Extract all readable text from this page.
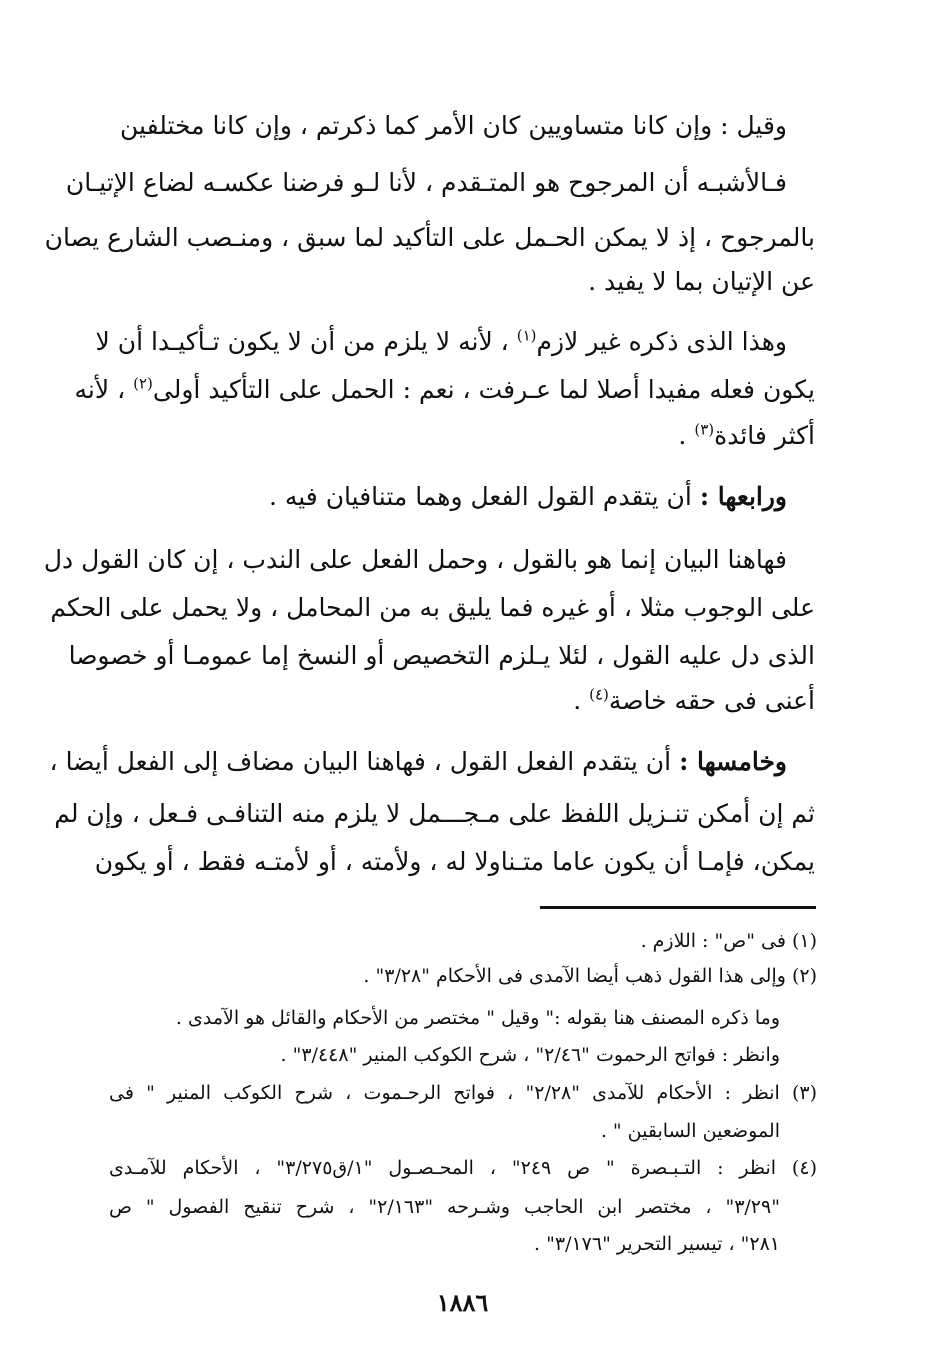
وقيل : وإن كانا متساويين كان الأمر كما ذكرتم ، وإن كانا مختلفين
فـالأشبـه أن المرجوح هو المتـقدم ، لأنا لـو فرضنا عكسـه لضاع الإتيـان
بالمرجوح ، إذ لا يمكن الحـمل على التأكيد لما سبق ، ومنـصب الشارع يصان
عن الإتيان بما لا يفيد .
وهذا الذى ذكره غير لازم$^{(١)}$ ، لأنه لا يلزم من أن لا يكون تـأكيـدا أن لا
يكون فعله مفيدا أصلا لما عـرفت ، نعم : الحمل على التأكيد أولى$^{(٢)}$ ، لأنه
أكثر فائدة$^{(٣)}$ .
ورابعها : أن يتقدم القول الفعل وهما متنافيان فيه .
فهاهنا البيان إنما هو بالقول ، وحمل الفعل على الندب ، إن كان القول دل
على الوجوب مثلا ، أو غيره فما يليق به من المحامل ، ولا يحمل على الحكم
الذى دل عليه القول ، لئلا يـلزم التخصيص أو النسخ إما عمومـا أو خصوصا
أعنى فى حقه خاصة$^{(٤)}$ .
وخامسها : أن يتقدم الفعل القول ، فهاهنا البيان مضاف إلى الفعل أيضا ،
ثم إن أمكن تنـزيل اللفظ على مـجـــمل لا يلزم منه التنافـى فـعل ، وإن لم
يمكن، فإمـا أن يكون عاما متـناولا له ، ولأمته ، أو لأمتـه فقط ، أو يكون
(١) فى "ص" : اللازم .
(٢) وإلى هذا القول ذهب أيضا الآمدى فى الأحكام "٣/٢٨" .
وما ذكره المصنف هنا بقوله :" وقيل " مختصر من الأحكام والقائل هو الآمدى .
وانظر : فواتح الرحموت "٢/٤٦" ، شرح الكوكب المنير "٣/٤٤٨" .
(٣) انظر : الأحكام للآمدى "٢/٢٨" ، فواتح الرحـموت ، شرح الكوكب المنير " فى
الموضعين السابقين " .
(٤) انظر : التـبـصرة " ص ٢٤٩" ، المحـصـول "١/ق٣/٢٧٥" ، الأحكام للآمـدى
"٣/٢٩" ، مختصر ابن الحاجب وشـرحه "٢/١٦٣" ، شرح تنقيح الفصول " ص
٢٨١" ، تيسير التحرير "٣/١٧٦" .
١٨٨٦
